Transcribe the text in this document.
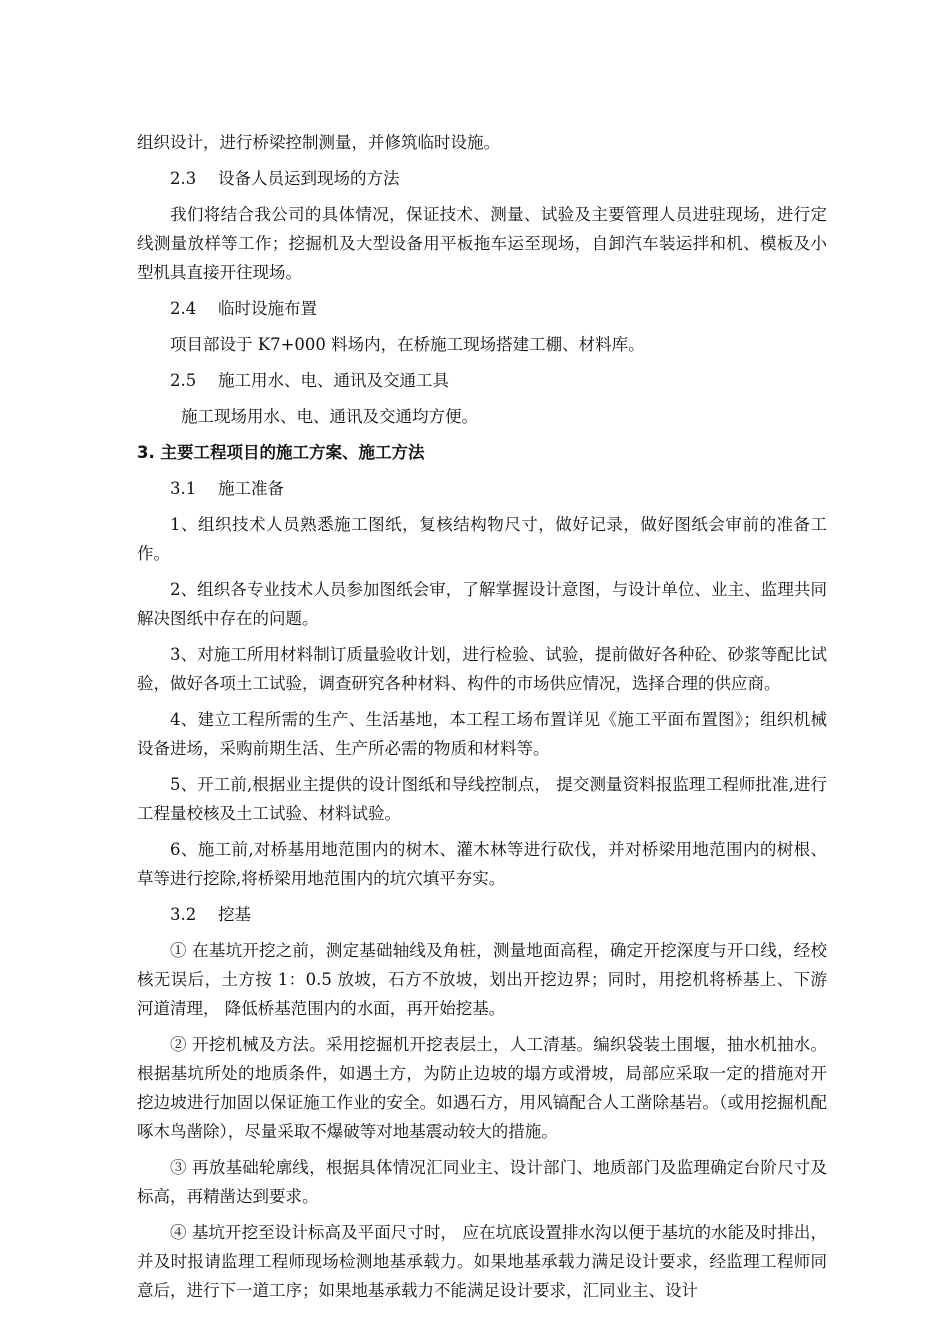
组织设计，进行桥梁控制测量，并修筑临时设施。

2.3 设备人员运到现场的方法

我们将结合我公司的具体情况，保证技术、测量、试验及主要管理人员进驻现场，进行定线测量放样等工作；挖掘机及大型设备用平板拖车运至现场，自卸汽车装运拌和机、模板及小型机具直接开往现场。

2.4 临时设施布置

项目部设于 K7+000 料场内，在桥施工现场搭建工棚、材料库。

2.5 施工用水、电、通讯及交通工具

施工现场用水、电、通讯及交通均方便。

3. 主要工程项目的施工方案、施工方法

3.1 施工准备

1、组织技术人员熟悉施工图纸，复核结构物尺寸，做好记录，做好图纸会审前的准备工作。

2、组织各专业技术人员参加图纸会审，了解掌握设计意图，与设计单位、业主、监理共同解决图纸中存在的问题。

3、对施工所用材料制订质量验收计划，进行检验、试验，提前做好各种砼、砂浆等配比试验，做好各项土工试验，调查研究各种材料、构件的市场供应情况，选择合理的供应商。

4、建立工程所需的生产、生活基地，本工程工场布置详见《施工平面布置图》；组织机械设备进场，采购前期生活、生产所必需的物质和材料等。

5、开工前,根据业主提供的设计图纸和导线控制点， 提交测量资料报监理工程师批准,进行工程量校核及土工试验、材料试验。

6、施工前,对桥基用地范围内的树木、灌木林等进行砍伐，并对桥梁用地范围内的树根、草等进行挖除,将桥梁用地范围内的坑穴填平夯实。

3.2 挖基

① 在基坑开挖之前，测定基础轴线及角桩，测量地面高程，确定开挖深度与开口线，经校核无误后，土方按 1：0.5 放坡，石方不放坡，划出开挖边界；同时，用挖机将桥基上、下游河道清理， 降低桥基范围内的水面，再开始挖基。

② 开挖机械及方法。采用挖掘机开挖表层土，人工清基。编织袋装土围堰，抽水机抽水。根据基坑所处的地质条件，如遇土方，为防止边坡的塌方或滑坡，局部应采取一定的措施对开挖边坡进行加固以保证施工作业的安全。如遇石方，用风镐配合人工凿除基岩。（或用挖掘机配啄木鸟凿除），尽量采取不爆破等对地基震动较大的措施。

③ 再放基础轮廓线，根据具体情况汇同业主、设计部门、地质部门及监理确定台阶尺寸及标高，再精凿达到要求。

④ 基坑开挖至设计标高及平面尺寸时， 应在坑底设置排水沟以便于基坑的水能及时排出，并及时报请监理工程师现场检测地基承载力。如果地基承载力满足设计要求，经监理工程师同意后，进行下一道工序；如果地基承载力不能满足设计要求，汇同业主、设计
